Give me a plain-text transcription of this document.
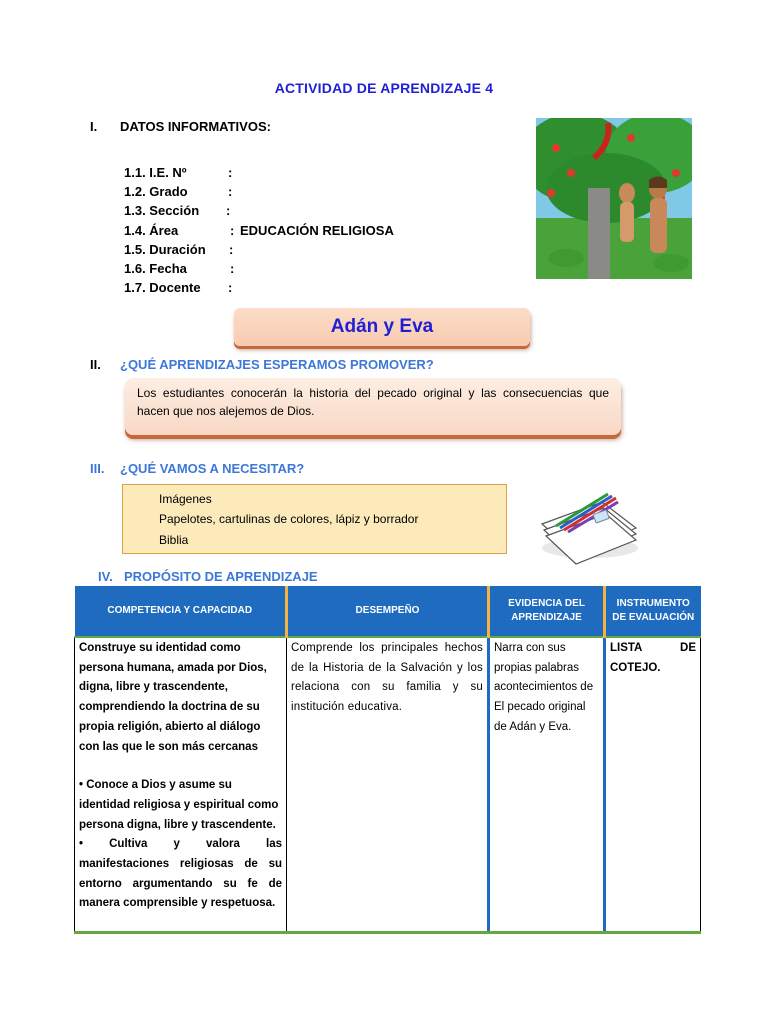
ACTIVIDAD DE APRENDIZAJE 4
I. DATOS INFORMATIVOS:
1.1. I.E. Nº	:
1.2. Grado	:
1.3. Sección :
1.4. Área	: EDUCACIÓN RELIGIOSA
1.5. Duración :
1.6. Fecha	:
1.7. Docente :
Adán y Eva
II. ¿QUÉ APRENDIZAJES ESPERAMOS PROMOVER?
Los estudiantes conocerán la historia del pecado original y las consecuencias que hacen que nos alejemos de Dios.
III. ¿QUÉ VAMOS A NECESITAR?
Imágenes
Papelotes, cartulinas de colores, lápiz y borrador
Biblia
IV. PROPÓSITO DE APRENDIZAJE
COMPETENCIA Y CAPACIDAD	DESEMPEÑO	EVIDENCIA DEL APRENDIZAJE	INSTRUMENTO DE EVALUACIÓN

Construye su identidad como persona humana, amada por Dios, digna, libre y trascendente, comprendiendo la doctrina de su propia religión, abierto al diálogo con las que le son más cercanas

• Conoce a Dios y asume su identidad religiosa y espiritual como persona digna, libre y trascendente.

• Cultiva y valora las manifestaciones religiosas de su entorno argumentando su fe de manera comprensible y respetuosa.	Comprende los principales hechos de la Historia de la Salvación y los relaciona con su familia y su institución educativa.	Narra con sus propias palabras acontecimientos de El pecado original de Adán y Eva.	LISTA DE COTEJO.
